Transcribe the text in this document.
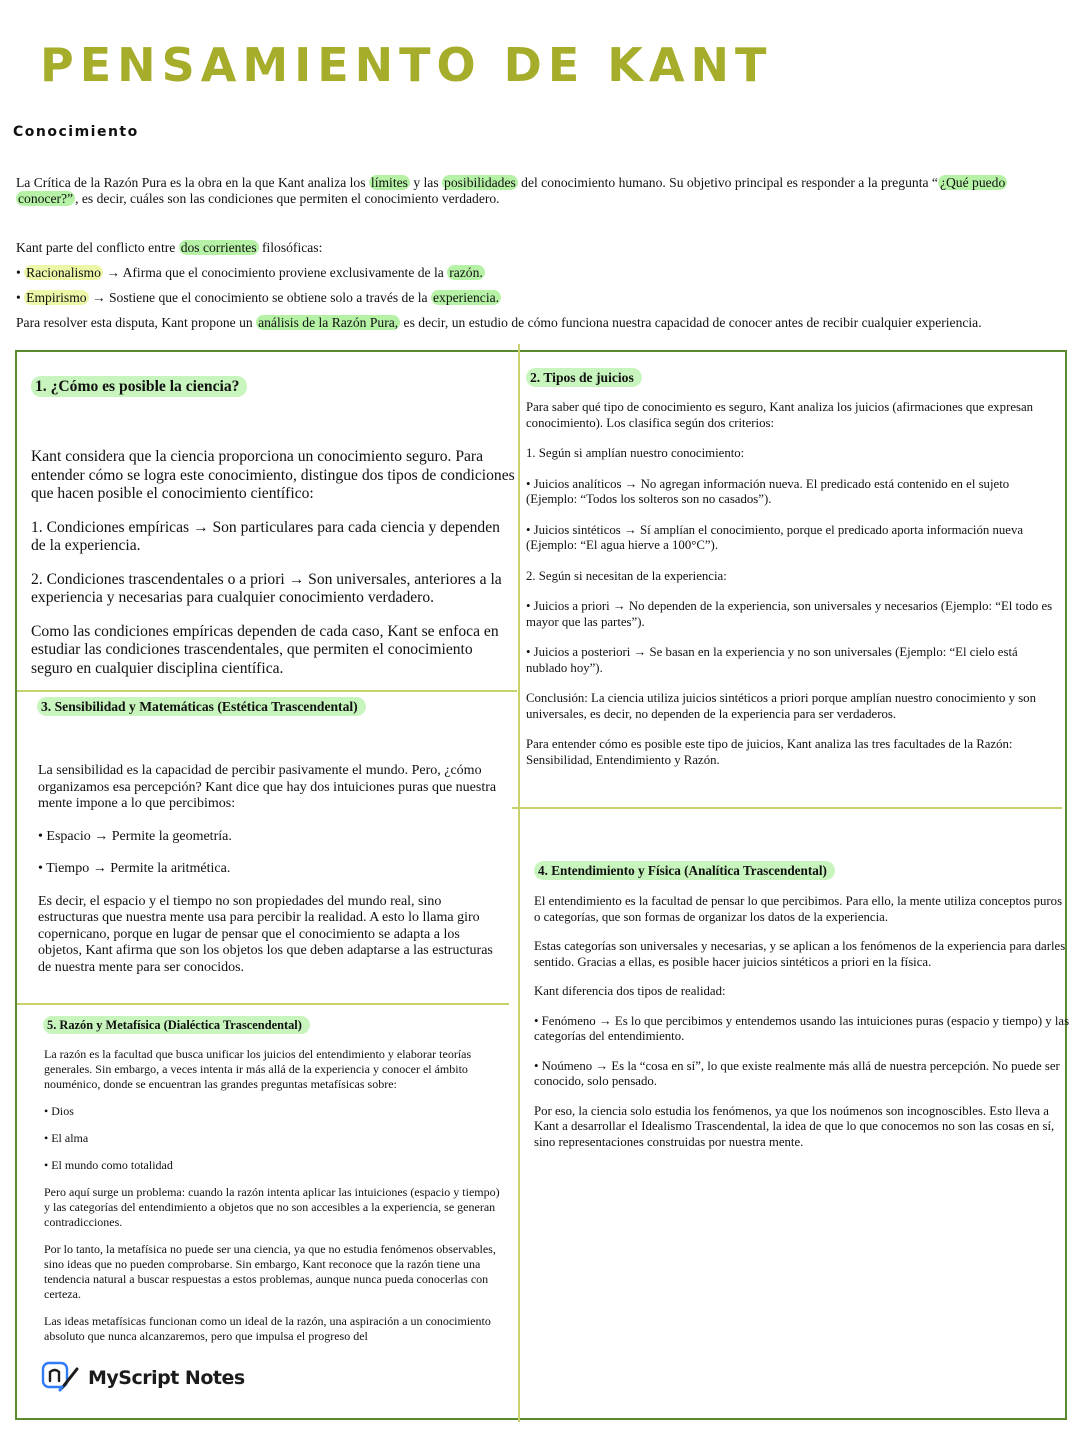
PENSAMIENTO DE KANT
Conocimiento
La Crítica de la Razón Pura es la obra en la que Kant analiza los límites y las posibilidades del conocimiento humano. Su objetivo principal es responder a la pregunta “ ¿Qué puedo conocer?” , es decir, cuáles son las condiciones que permiten el conocimiento verdadero.
Kant parte del conflicto entre dos corrientes filosóficas:
• Racionalismo → Afirma que el conocimiento proviene exclusivamente de la razón.
• Empirismo → Sostiene que el conocimiento se obtiene solo a través de la experiencia.
Para resolver esta disputa, Kant propone un análisis de la Razón Pura, es decir, un estudio de cómo funciona nuestra capacidad de conocer antes de recibir cualquier experiencia.
1. ¿Cómo es posible la ciencia?

Kant considera que la ciencia proporciona un conocimiento seguro. Para entender cómo se logra este conocimiento, distingue dos tipos de condiciones que hacen posible el conocimiento científico:

1. Condiciones empíricas → Son particulares para cada ciencia y dependen de la experiencia.

2. Condiciones trascendentales o a priori → Son universales, anteriores a la experiencia y necesarias para cualquier conocimiento verdadero.

Como las condiciones empíricas dependen de cada caso, Kant se enfoca en estudiar las condiciones trascendentales, que permiten el conocimiento seguro en cualquier disciplina científica.

2. Tipos de juicios

Para saber qué tipo de conocimiento es seguro, Kant analiza los juicios (afirmaciones que expresan conocimiento). Los clasifica según dos criterios:

1. Según si amplían nuestro conocimiento:

• Juicios analíticos → No agregan información nueva. El predicado está contenido en el sujeto (Ejemplo: “Todos los solteros son no casados”).

• Juicios sintéticos → Sí amplían el conocimiento, porque el predicado aporta información nueva (Ejemplo: “El agua hierve a 100°C”).

2. Según si necesitan de la experiencia:

• Juicios a priori → No dependen de la experiencia, son universales y necesarios (Ejemplo: “El todo es mayor que las partes”).

• Juicios a posteriori → Se basan en la experiencia y no son universales (Ejemplo: “El cielo está nublado hoy”).

Conclusión: La ciencia utiliza juicios sintéticos a priori porque amplían nuestro conocimiento y son universales, es decir, no dependen de la experiencia para ser verdaderos.

Para entender cómo es posible este tipo de juicios, Kant analiza las tres facultades de la Razón: Sensibilidad, Entendimiento y Razón.

3. Sensibilidad y Matemáticas (Estética Trascendental)

La sensibilidad es la capacidad de percibir pasivamente el mundo. Pero, ¿cómo organizamos esa percepción? Kant dice que hay dos intuiciones puras que nuestra mente impone a lo que percibimos:

• Espacio → Permite la geometría.

• Tiempo → Permite la aritmética.

Es decir, el espacio y el tiempo no son propiedades del mundo real, sino estructuras que nuestra mente usa para percibir la realidad. A esto lo llama giro copernicano, porque en lugar de pensar que el conocimiento se adapta a los objetos, Kant afirma que son los objetos los que deben adaptarse a las estructuras de nuestra mente para ser conocidos.

4. Entendimiento y Física (Analítica Trascendental)

El entendimiento es la facultad de pensar lo que percibimos. Para ello, la mente utiliza conceptos puros o categorías, que son formas de organizar los datos de la experiencia.

Estas categorías son universales y necesarias, y se aplican a los fenómenos de la experiencia para darles sentido. Gracias a ellas, es posible hacer juicios sintéticos a priori en la física.

Kant diferencia dos tipos de realidad:

• Fenómeno → Es lo que percibimos y entendemos usando las intuiciones puras (espacio y tiempo) y las categorías del entendimiento.

• Noúmeno → Es la “cosa en sí”, lo que existe realmente más allá de nuestra percepción. No puede ser conocido, solo pensado.

Por eso, la ciencia solo estudia los fenómenos, ya que los noúmenos son incognoscibles. Esto lleva a Kant a desarrollar el Idealismo Trascendental, la idea de que lo que conocemos no son las cosas en sí, sino representaciones construidas por nuestra mente.

5. Razón y Metafísica (Dialéctica Trascendental)

La razón es la facultad que busca unificar los juicios del entendimiento y elaborar teorías generales. Sin embargo, a veces intenta ir más allá de la experiencia y conocer el ámbito nouménico, donde se encuentran las grandes preguntas metafísicas sobre:

• Dios

• El alma

• El mundo como totalidad

Pero aquí surge un problema: cuando la razón intenta aplicar las intuiciones (espacio y tiempo) y las categorías del entendimiento a objetos que no son accesibles a la experiencia, se generan contradicciones.

Por lo tanto, la metafísica no puede ser una ciencia, ya que no estudia fenómenos observables, sino ideas que no pueden comprobarse. Sin embargo, Kant reconoce que la razón tiene una tendencia natural a buscar respuestas a estos problemas, aunque nunca pueda conocerlas con certeza.

Las ideas metafísicas funcionan como un ideal de la razón, una aspiración a un conocimiento absoluto que nunca alcanzaremos, pero que impulsa el progreso del

MyScript Notes
